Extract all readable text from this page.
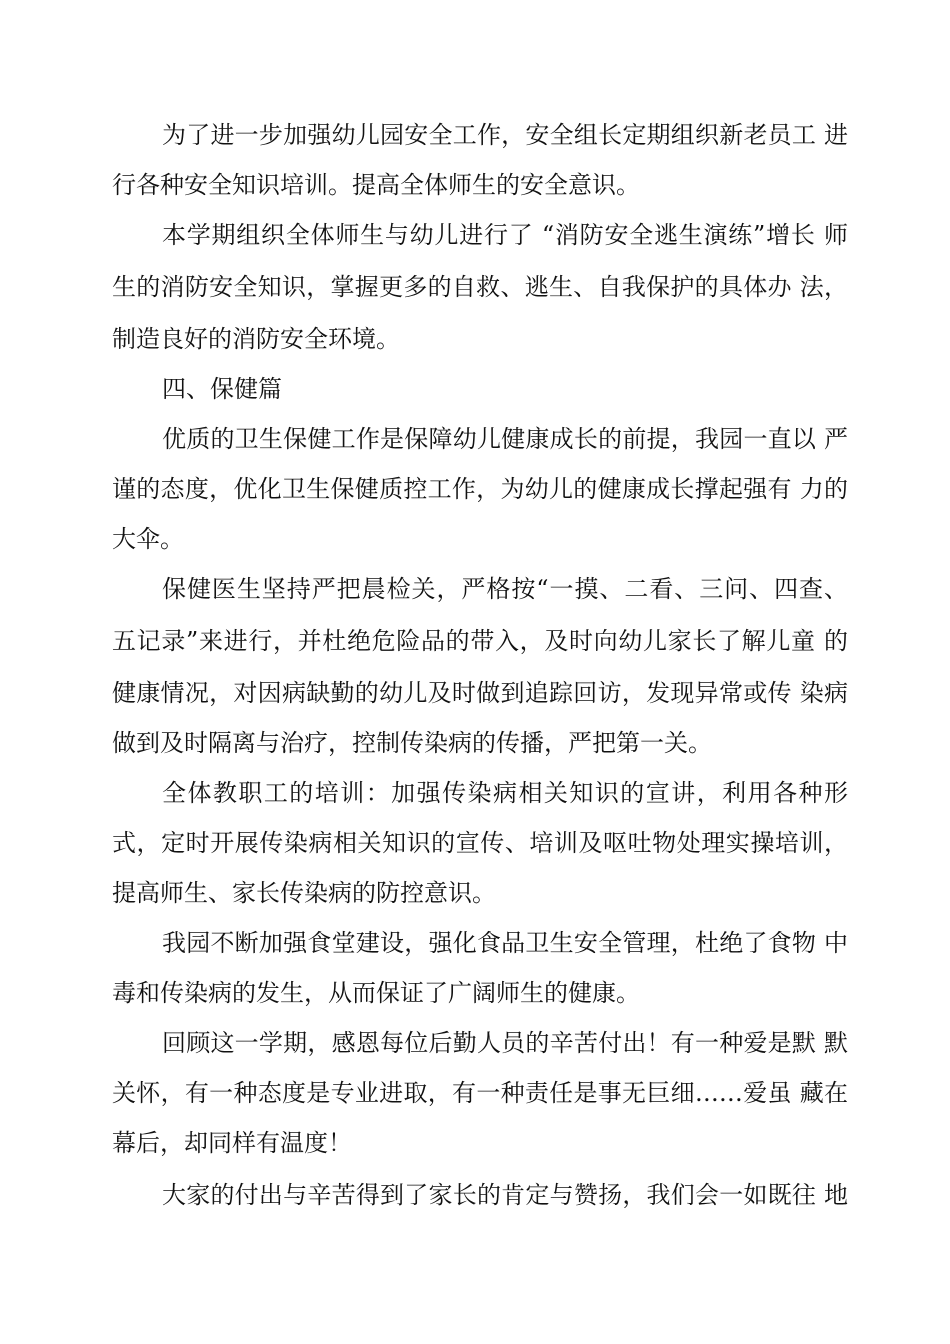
为了进一步加强幼儿园安全工作，安全组长定期组织新老员工 进
行各种安全知识培训。提高全体师生的安全意识。
本学期组织全体师生与幼儿进行了 “消防安全逃生演练”增长 师
生的消防安全知识，掌握更多的自救、逃生、自我保护的具体办 法，
制造良好的消防安全环境。
四、保健篇
优质的卫生保健工作是保障幼儿健康成长的前提，我园一直以 严
谨的态度，优化卫生保健质控工作，为幼儿的健康成长撑起强有 力的
大伞。
保健医生坚持严把晨检关，严格按“一摸、二看、三问、四查、
五记录”来进行，并杜绝危险品的带入，及时向幼儿家长了解儿童 的
健康情况，对因病缺勤的幼儿及时做到追踪回访，发现异常或传 染病
做到及时隔离与治疗，控制传染病的传播，严把第一关。
全体教职工的培训：加强传染病相关知识的宣讲，利用各种形
式，定时开展传染病相关知识的宣传、培训及呕吐物处理实操培训，
提高师生、家长传染病的防控意识。
我园不断加强食堂建设，强化食品卫生安全管理，杜绝了食物 中
毒和传染病的发生，从而保证了广阔师生的健康。
回顾这一学期，感恩每位后勤人员的辛苦付出！有一种爱是默 默
关怀，有一种态度是专业进取，有一种责任是事无巨细……爱虽 藏在
幕后，却同样有温度！
大家的付出与辛苦得到了家长的肯定与赞扬，我们会一如既往 地
